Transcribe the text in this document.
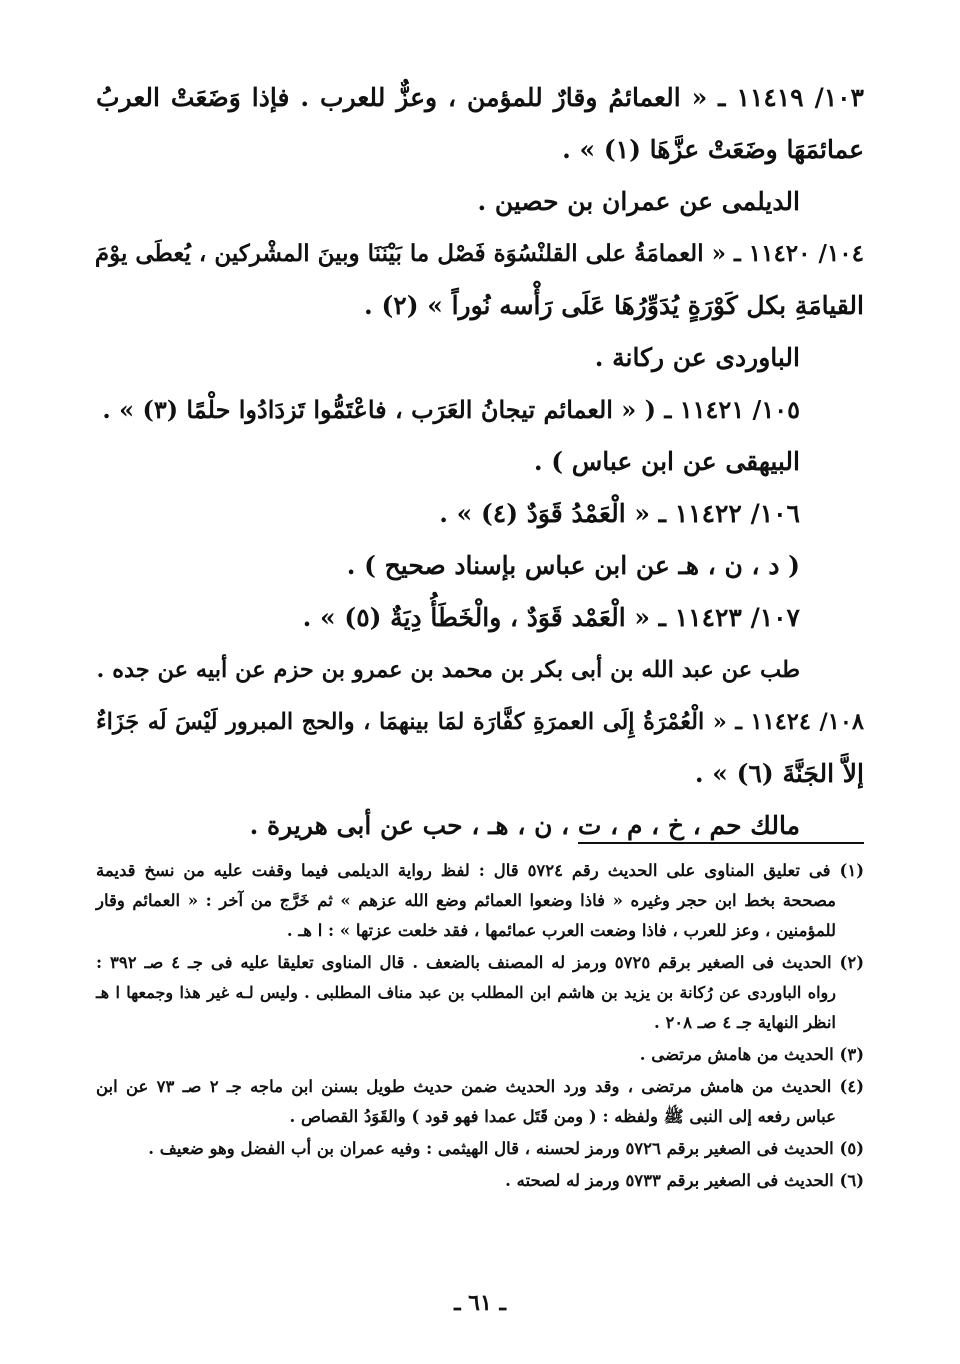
١٠٣/ ١١٤١٩ ـ « العمائمُ وقارٌ للمؤمن ، وعزٌّ للعرب . فإذا وَضَعَتْ العربُ
عمائمَهَا وضَعَتْ عزَّهَا (١) » .
الديلمى عن عمران بن حصين .
١٠٤/ ١١٤٢٠ ـ « العمامَةُ على القلنْسُوَة فَصْل ما بَيْنَنَا وبينَ المشْركين ، يُعطَى يوْمَ
القيامَةِ بكل كَوْرَةٍ يُدَوِّرُهَا عَلَى رَأْسه نُوراً » (٢) .
الباوردى عن ركانة .
١٠٥/ ١١٤٢١ ـ ( « العمائم تيجانُ العَرَب ، فاعْتَمُّوا تَزدَادُوا حلْمًا (٣) » .
البيهقى عن ابن عباس ) .
١٠٦/ ١١٤٢٢ ـ « الْعَمْدُ قَوَدٌ (٤) » .
( د ، ن ، هـ عن ابن عباس بإسناد صحيح ) .
١٠٧/ ١١٤٢٣ ـ « الْعَمْد قَوَدٌ ، والْخَطَأُ دِيَةٌ (٥) » .
طب عن عبد الله بن أبى بكر بن محمد بن عمرو بن حزم عن أبيه عن جده .
١٠٨/ ١١٤٢٤ ـ « الْعُمْرَةُ إِلَى العمرَةِ كفَّارَة لمَا بينهمَا ، والحج المبرور لَيْسَ لَه جَزَاءٌ
إلاَّ الجَنَّةَ (٦) » .
مالك حم ، خ ، م ، ت ، ن ، هـ ، حب عن أبى هريرة .
(١) فى تعليق المناوى على الحديث رقم ٥٧٢٤ قال : لفظ رواية الديلمى فيما وقفت عليه من نسخ قديمة
مصححة بخط ابن حجر وغيره « فاذا وضعوا العمائم وضع الله عزهم » ثم خَرَّج من آخر : « العمائم وقار
للمؤمنين ، وعز للعرب ، فاذا وضعت العرب عمائمها ، فقد خلعت عزتها » : ا هـ .
(٢) الحديث فى الصغير برقم ٥٧٢٥ ورمز له المصنف بالضعف . قال المناوى تعليقا عليه فى جـ ٤ صـ ٣٩٢ :
رواه الباوردى عن رُكانة بن يزيد بن هاشم ابن المطلب بن عبد مناف المطلبى . وليس لـه غير هذا وجمعها ا هـ
انظر النهاية جـ ٤ صـ ٢٠٨ .
(٣) الحديث من هامش مرتضى .
(٤) الحديث من هامش مرتضى ، وقد ورد الحديث ضمن حديث طويل بسنن ابن ماجه جـ ٢ صـ ٧٣ عن ابن
عباس رفعه إلى النبى ﷺ ولفظه : ( ومن قَتَل عمدا فهو قود ) والقَوَدُ القصاص .
(٥) الحديث فى الصغير برقم ٥٧٢٦ ورمز لحسنه ، قال الهيثمى : وفيه عمران بن أب الفضل وهو ضعيف .
(٦) الحديث فى الصغير برقم ٥٧٣٣ ورمز له لصحته .
ـ ٦١ ـ
